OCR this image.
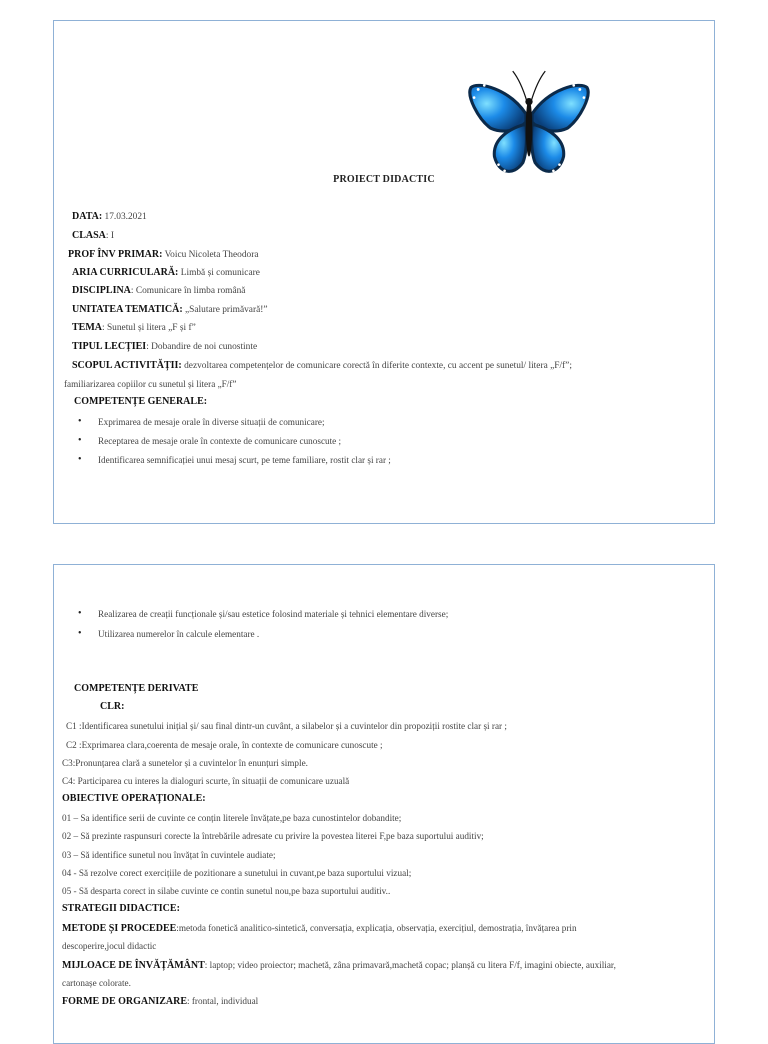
PROIECT DIDACTIC
DATA: 17.03.2021
CLASA: I
PROF ÎNV PRIMAR: Voicu Nicoleta Theodora
ARIA CURRICULARĂ: Limbă și comunicare
DISCIPLINA: Comunicare în limba română
UNITATEA TEMATICĂ: „Salutare primăvară!”
TEMA: Sunetul și litera „F și f”
TIPUL LECȚIEI: Dobandire de noi cunostinte
SCOPUL ACTIVITĂȚII: dezvoltarea competențelor de comunicare corectă în diferite contexte, cu accent pe sunetul/ litera „F/f”;
familiarizarea copiilor cu sunetul și litera „F/f”
COMPETENȚE GENERALE:
• Exprimarea de mesaje orale în diverse situații de comunicare;
• Receptarea de mesaje orale în contexte de comunicare cunoscute ;
• Identificarea semnificației unui mesaj scurt, pe teme familiare, rostit clar și rar ;
• Realizarea de creații funcționale și/sau estetice folosind materiale și tehnici elementare diverse;
• Utilizarea numerelor în calcule elementare .
COMPETENȚE DERIVATE
CLR:
C1 :Identificarea sunetului inițial și/ sau final dintr-un cuvânt, a silabelor și a cuvintelor din propoziții rostite clar și rar ;
C2 :Exprimarea clara,coerenta de mesaje orale, în contexte de comunicare cunoscute ;
C3:Pronunțarea clară a sunetelor și a cuvintelor în enunțuri simple.
C4: Participarea cu interes la dialoguri scurte, în situații de comunicare uzuală
OBIECTIVE OPERAȚIONALE:
01 – Sa identifice serii de cuvinte ce conțin literele învățate,pe baza cunostintelor dobandite;
02 – Să prezinte raspunsuri corecte la întrebările adresate cu privire la povestea literei F,pe baza suportului auditiv;
03 – Să identifice sunetul nou învățat în cuvintele audiate;
04 - Să rezolve corect exercițiile de pozitionare a sunetului in cuvant,pe baza suportului vizual;
05 - Să desparta corect in silabe cuvinte ce contin sunetul nou,pe baza suportului auditiv..
STRATEGII DIDACTICE:
METODE ȘI PROCEDEE:metoda fonetică analitico-sintetică, conversația, explicația, observația, exercițiul, demostrația, învățarea prin
descoperire,jocul didactic
MIJLOACE DE ÎNVĂȚĂMÂNT: laptop; video proiector; machetă, zâna primavară,machetă copac; planșă cu litera F/f, imagini obiecte, auxiliar,
cartonașe colorate.
FORME DE ORGANIZARE: frontal, individual
